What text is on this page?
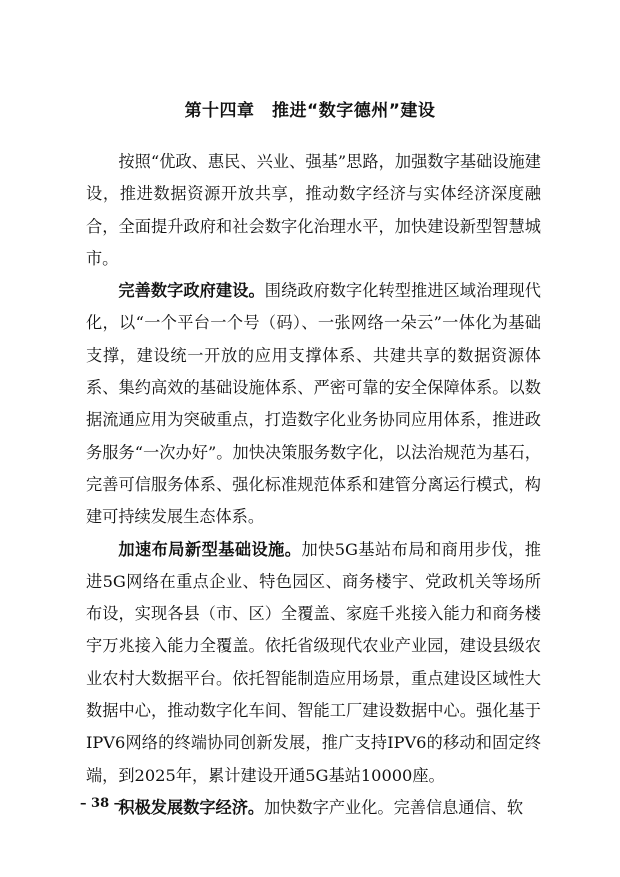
第十四章　推进“数字德州”建设

按照“优政、惠民、兴业、强基”思路，加强数字基础设施建设，推进数据资源开放共享，推动数字经济与实体经济深度融合，全面提升政府和社会数字化治理水平，加快建设新型智慧城市。

完善数字政府建设。围绕政府数字化转型推进区域治理现代化，以“一个平台一个号（码）、一张网络一朵云”一体化为基础支撑，建设统一开放的应用支撑体系、共建共享的数据资源体系、集约高效的基础设施体系、严密可靠的安全保障体系。以数据流通应用为突破重点，打造数字化业务协同应用体系，推进政务服务“一次办好”。加快决策服务数字化，以法治规范为基石，完善可信服务体系、强化标准规范体系和建管分离运行模式，构建可持续发展生态体系。

加速布局新型基础设施。加快5G基站布局和商用步伐，推进5G网络在重点企业、特色园区、商务楼宇、党政机关等场所布设，实现各县（市、区）全覆盖、家庭千兆接入能力和商务楼宇万兆接入能力全覆盖。依托省级现代农业产业园，建设县级农业农村大数据平台。依托智能制造应用场景，重点建设区域性大数据中心，推动数字化车间、智能工厂建设数据中心。强化基于IPV6网络的终端协同创新发展，推广支持IPV6的移动和固定终端，到2025年，累计建设开通5G基站10000座。

积极发展数字经济。加快数字产业化。完善信息通信、软

– 38 –
